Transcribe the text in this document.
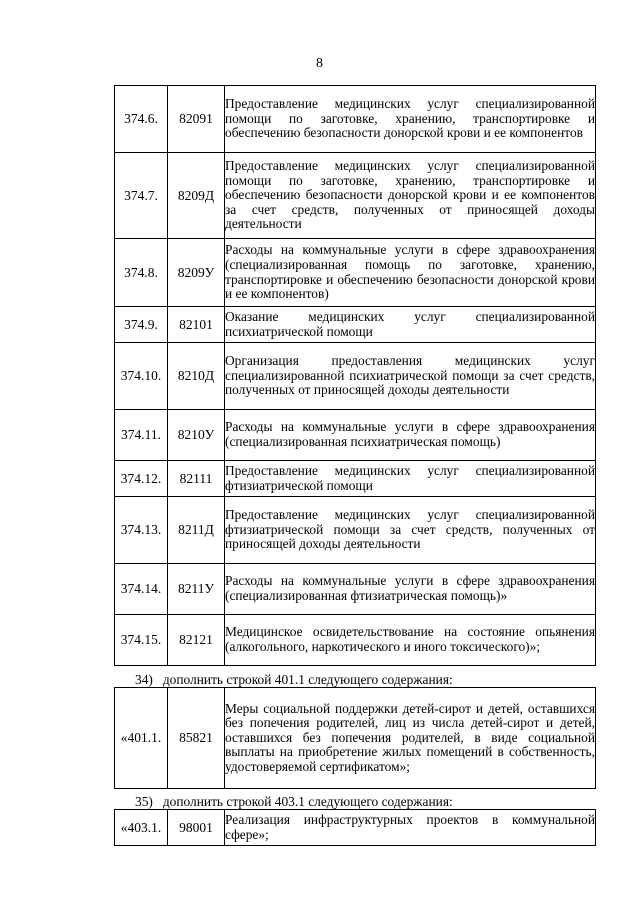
8
374.6.	82091	Предоставление медицинских услуг специализированной помощи по заготовке, хранению, транспортировке и обеспечению безопасности донорской крови и ее компонентов
374.7.	8209Д	Предоставление медицинских услуг специализированной помощи по заготовке, хранению, транспортировке и обеспечению безопасности донорской крови и ее компонентов за счет средств, полученных от приносящей доходы деятельности
374.8.	8209У	Расходы на коммунальные услуги в сфере здравоохранения (специализированная помощь по заготовке, хранению, транспортировке и обеспечению безопасности донорской крови и ее компонентов)
374.9.	82101	Оказание медицинских услуг специализированной психиатрической помощи
374.10.	8210Д	Организация предоставления медицинских услуг специализированной психиатрической помощи за счет средств, полученных от приносящей доходы деятельности
374.11.	8210У	Расходы на коммунальные услуги в сфере здравоохранения (специализированная психиатрическая помощь)
374.12.	82111	Предоставление медицинских услуг специализированной фтизиатрической помощи
374.13.	8211Д	Предоставление медицинских услуг специализированной фтизиатрической помощи за счет средств, полученных от приносящей доходы деятельности
374.14.	8211У	Расходы на коммунальные услуги в сфере здравоохранения (специализированная фтизиатрическая помощь)»
374.15.	82121	Медицинское освидетельствование на состояние опьянения (алкогольного, наркотического и иного токсического)»;
34) дополнить строкой 401.1 следующего содержания:
«401.1.	85821	Меры социальной поддержки детей-сирот и детей, оставшихся без попечения родителей, лиц из числа детей-сирот и детей, оставшихся без попечения родителей, в виде социальной выплаты на приобретение жилых помещений в собственность, удостоверяемой сертификатом»;
35) дополнить строкой 403.1 следующего содержания:
«403.1.	98001	Реализация инфраструктурных проектов в коммунальной сфере»;
